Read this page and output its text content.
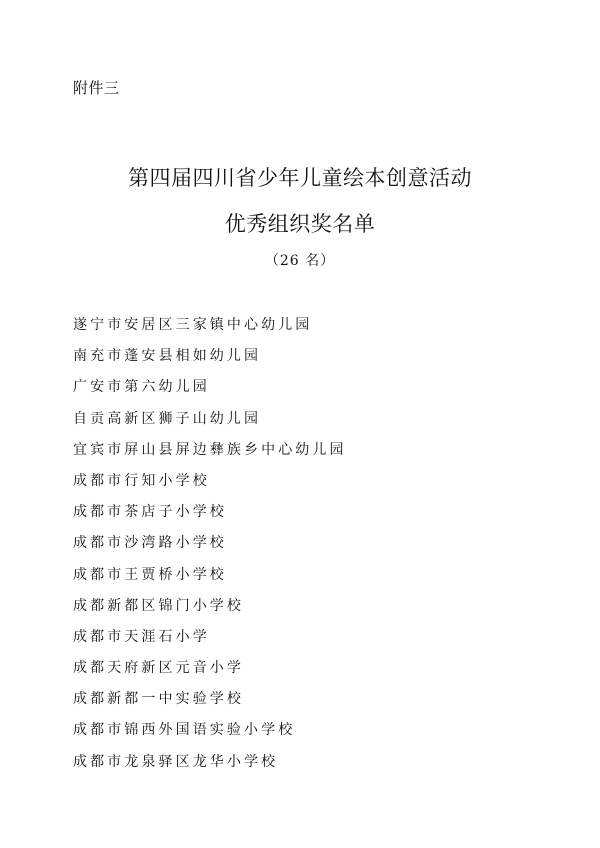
附件三
第四届四川省少年儿童绘本创意活动
优秀组织奖名单
（26 名）
遂宁市安居区三家镇中心幼儿园
南充市蓬安县相如幼儿园
广安市第六幼儿园
自贡高新区狮子山幼儿园
宜宾市屏山县屏边彝族乡中心幼儿园
成都市行知小学校
成都市茶店子小学校
成都市沙湾路小学校
成都市王贾桥小学校
成都新都区锦门小学校
成都市天涯石小学
成都天府新区元音小学
成都新都一中实验学校
成都市锦西外国语实验小学校
成都市龙泉驿区龙华小学校
